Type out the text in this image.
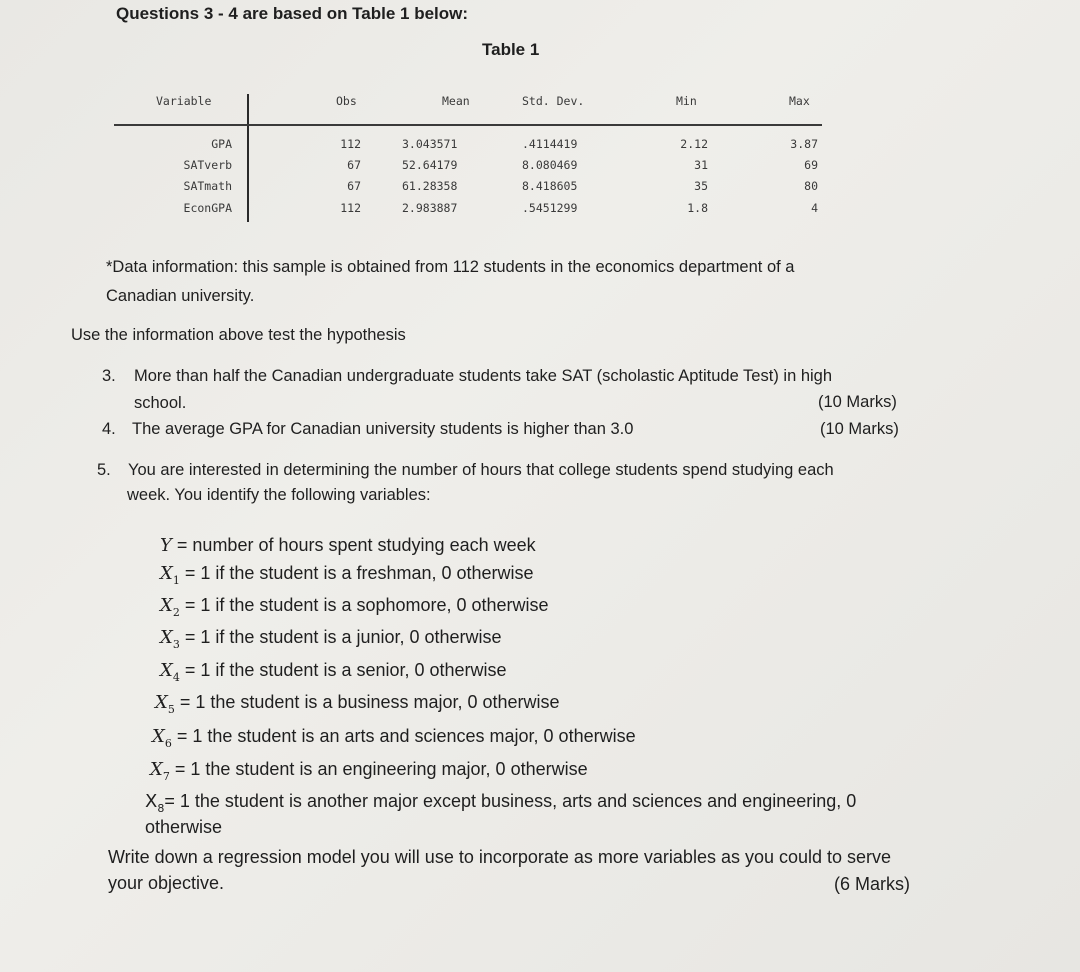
Questions 3 - 4 are based on Table 1 below:
Table 1
Variable	Obs	Mean	Std. Dev.	Min	Max
GPA	112	3.043571	.4114419	2.12	3.87
SATverb	67	52.64179	8.080469	31	69
SATmath	67	61.28358	8.418605	35	80
EconGPA	112	2.983887	.5451299	1.8	4
*Data information: this sample is obtained from 112 students in the economics department of a
Canadian university.
Use the information above test the hypothesis
3. More than half the Canadian undergraduate students take SAT (scholastic Aptitude Test) in high
school.	(10 Marks)
4. The average GPA for Canadian university students is higher than 3.0	(10 Marks)
5. You are interested in determining the number of hours that college students spend studying each
week. You identify the following variables:
Y = number of hours spent studying each week
$X_1 = 1$ if the student is a freshman, 0 otherwise
$X_2 = 1$ if the student is a sophomore, 0 otherwise
$X_3 = 1$ if the student is a junior, 0 otherwise
$X_4 = 1$ if the student is a senior, 0 otherwise
$X_5 = 1$ the student is a business major, 0 otherwise
$X_6 = 1$ the student is an arts and sciences major, 0 otherwise
$X_7 = 1$ the student is an engineering major, 0 otherwise
$X_8= 1$ the student is another major except business, arts and sciences and engineering, 0
otherwise
Write down a regression model you will use to incorporate as more variables as you could to serve
your objective.	(6 Marks)
